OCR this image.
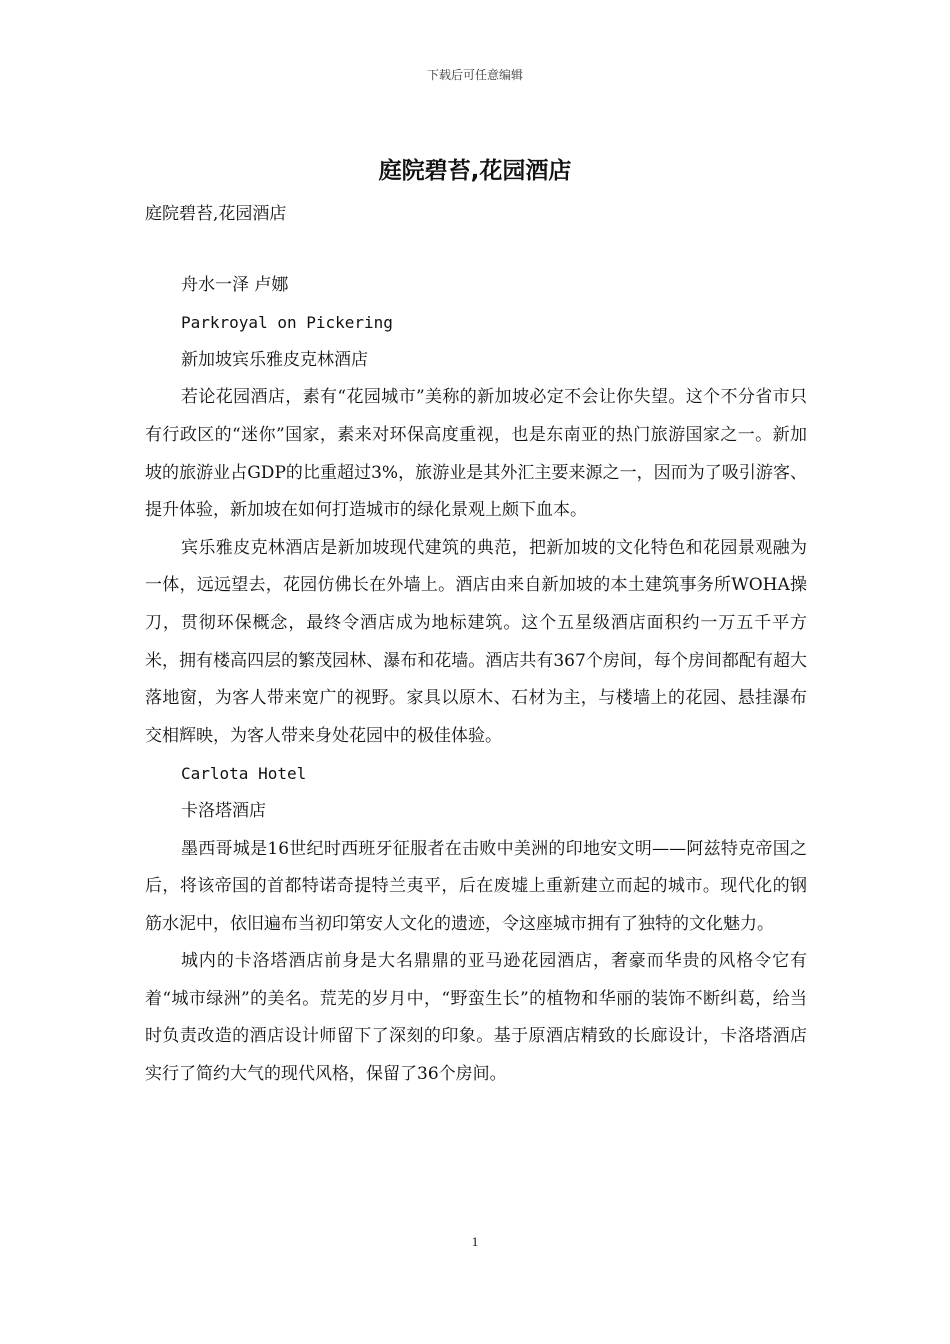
下载后可任意编辑
庭院碧苔,花园酒店

庭院碧苔,花园酒店

舟水一泽 卢娜

Parkroyal on Pickering

新加坡宾乐雅皮克林酒店

若论花园酒店，素有“花园城市”美称的新加坡必定不会让你失望。这个不分省市只有行政区的“迷你”国家，素来对环保高度重视，也是东南亚的热门旅游国家之一。新加坡的旅游业占GDP的比重超过3%，旅游业是其外汇主要来源之一，因而为了吸引游客、提升体验，新加坡在如何打造城市的绿化景观上颇下血本。

宾乐雅皮克林酒店是新加坡现代建筑的典范，把新加坡的文化特色和花园景观融为一体，远远望去，花园仿佛长在外墙上。酒店由来自新加坡的本土建筑事务所WOHA操刀，贯彻环保概念，最终令酒店成为地标建筑。这个五星级酒店面积约一万五千平方米，拥有楼高四层的繁茂园林、瀑布和花墙。酒店共有367个房间，每个房间都配有超大落地窗，为客人带来宽广的视野。家具以原木、石材为主，与楼墙上的花园、悬挂瀑布交相辉映，为客人带来身处花园中的极佳体验。

Carlota Hotel

卡洛塔酒店

墨西哥城是16世纪时西班牙征服者在击败中美洲的印地安文明——阿兹特克帝国之后，将该帝国的首都特诺奇提特兰夷平，后在废墟上重新建立而起的城市。现代化的钢筋水泥中，依旧遍布当初印第安人文化的遗迹，令这座城市拥有了独特的文化魅力。

城内的卡洛塔酒店前身是大名鼎鼎的亚马逊花园酒店，奢豪而华贵的风格令它有着“城市绿洲”的美名。荒芜的岁月中，“野蛮生长”的植物和华丽的装饰不断纠葛，给当时负责改造的酒店设计师留下了深刻的印象。基于原酒店精致的长廊设计，卡洛塔酒店实行了简约大气的现代风格，保留了36个房间。

1
